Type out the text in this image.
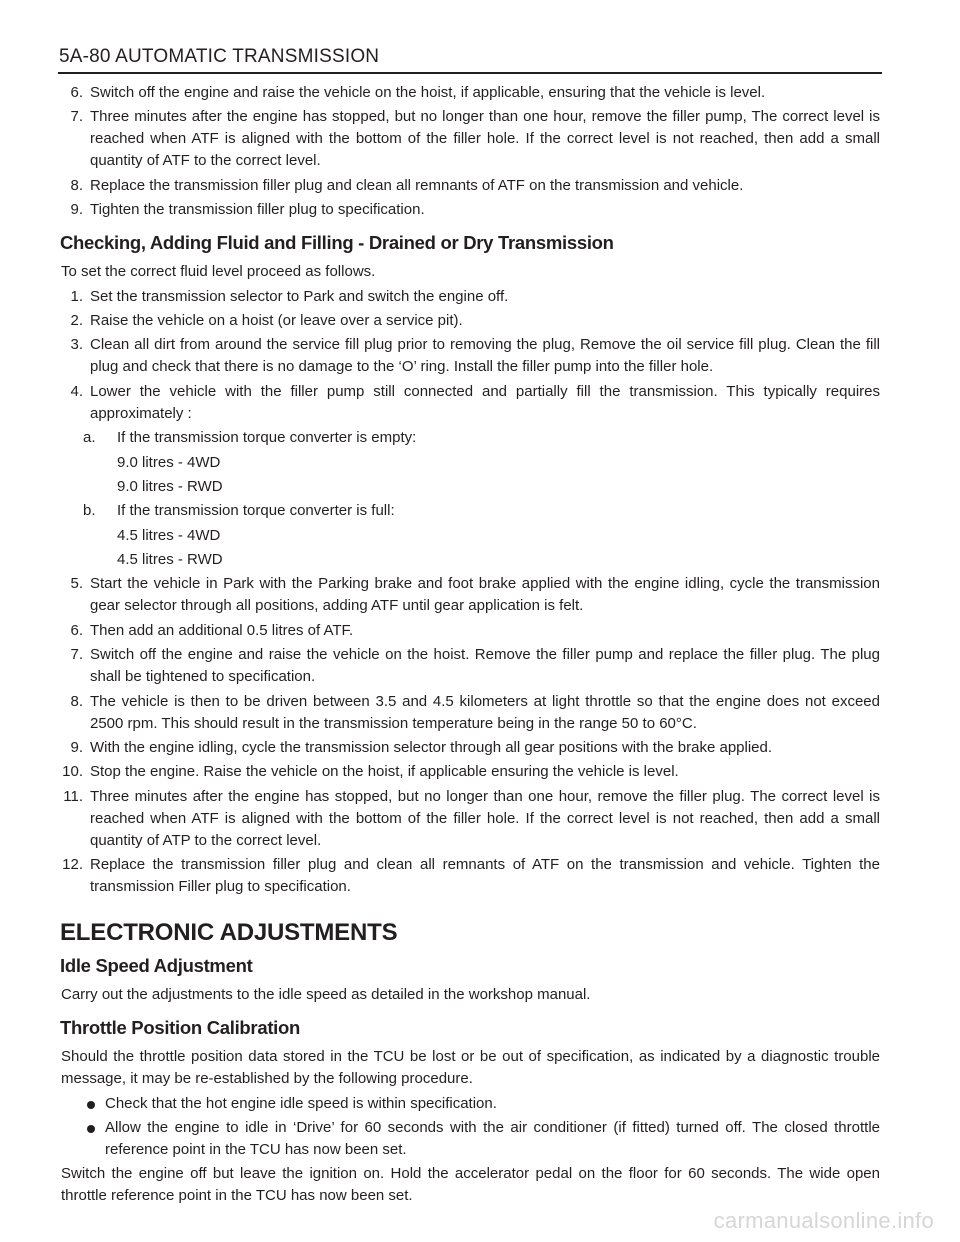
5A-80 AUTOMATIC TRANSMISSION
6. Switch off the engine and raise the vehicle on the hoist, if applicable, ensuring that the vehicle is level.
7. Three minutes after the engine has stopped, but no longer than one hour, remove the filler pump, The correct level is reached when ATF is aligned with the bottom of the filler hole. If the correct level is not reached, then add a small quantity of ATF to the correct level.
8. Replace the transmission filler plug and clean all remnants of ATF on the transmission and vehicle.
9. Tighten the transmission filler plug to specification.
Checking, Adding Fluid and Filling - Drained or Dry Transmission

To set the correct fluid level proceed as follows.

1. Set the transmission selector to Park and switch the engine off.
2. Raise the vehicle on a hoist (or leave over a service pit).
3. Clean all dirt from around the service fill plug prior to removing the plug, Remove the oil service fill plug. Clean the fill plug and check that there is no damage to the ‘O’ ring. Install the filler pump into the filler hole.
4. Lower the vehicle with the filler pump still connected and partially fill the transmission. This typically requires approximately :
a.	If the transmission torque converter is empty:
9.0 litres - 4WD
9.0 litres - RWD
b.	If the transmission torque converter is full:
4.5 litres - 4WD
4.5 litres - RWD
5. Start the vehicle in Park with the Parking brake and foot brake applied with the engine idling, cycle the transmission gear selector through all positions, adding ATF until gear application is felt.
6. Then add an additional 0.5 litres of ATF.
7. Switch off the engine and raise the vehicle on the hoist. Remove the filler pump and replace the filler plug. The plug shall be tightened to specification.
8. The vehicle is then to be driven between 3.5 and 4.5 kilometers at light throttle so that the engine does not exceed 2500 rpm. This should result in the transmission temperature being in the range 50 to 60°C.
9. With the engine idling, cycle the transmission selector through all gear positions with the brake applied.
10. Stop the engine. Raise the vehicle on the hoist, if applicable ensuring the vehicle is level.
11. Three minutes after the engine has stopped, but no longer than one hour, remove the filler plug. The correct level is reached when ATF is aligned with the bottom of the filler hole. If the correct level is not reached, then add a small quantity of ATP to the correct level.
12. Replace the transmission filler plug and clean all remnants of ATF on the transmission and vehicle. Tighten the transmission Filler plug to specification.
ELECTRONIC ADJUSTMENTS
Idle Speed Adjustment

Carry out the adjustments to the idle speed as detailed in the workshop manual.

Throttle Position Calibration

Should the throttle position data stored in the TCU be lost or be out of specification, as indicated by a diagnostic trouble message, it may be re-established by the following procedure.

Check that the hot engine idle speed is within specification.
Allow the engine to idle in ‘Drive’ for 60 seconds with the air conditioner (if fitted) turned off. The closed throttle reference point in the TCU has now been set.

Switch the engine off but leave the ignition on. Hold the accelerator pedal on the floor for 60 seconds. The wide open throttle reference point in the TCU has now been set.

carmanualsonline.info
